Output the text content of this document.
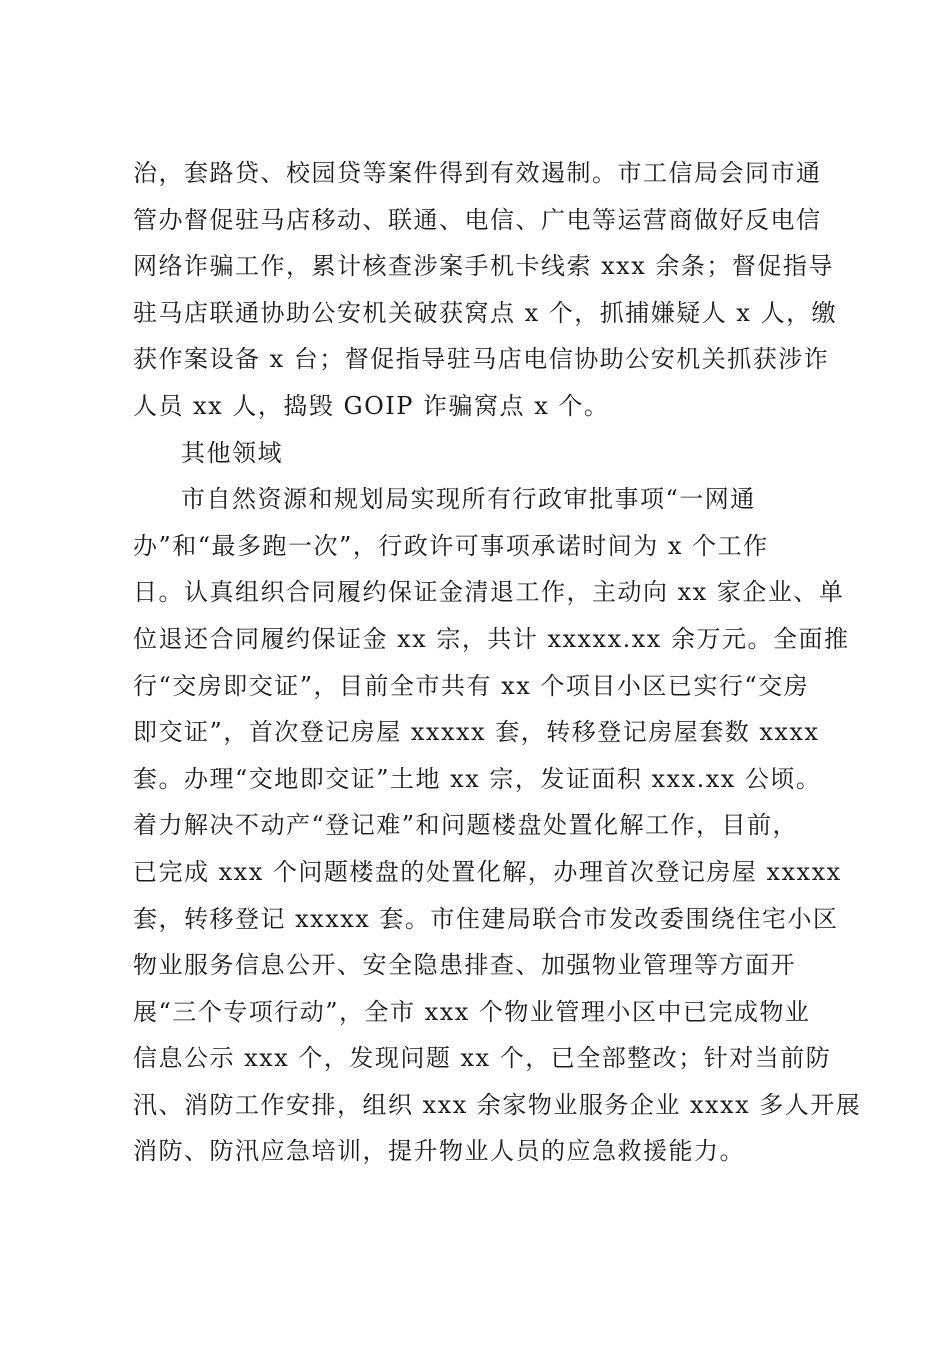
治，套路贷、校园贷等案件得到有效遏制。市工信局会同市通
管办督促驻马店移动、联通、电信、广电等运营商做好反电信
网络诈骗工作，累计核查涉案手机卡线索 xxx 余条；督促指导
驻马店联通协助公安机关破获窝点 x 个，抓捕嫌疑人 x 人，缴
获作案设备 x 台；督促指导驻马店电信协助公安机关抓获涉诈
人员 xx 人，捣毁 GOIP 诈骗窝点 x 个。
其他领域
市自然资源和规划局实现所有行政审批事项“一网通
办”和“最多跑一次”，行政许可事项承诺时间为 x 个工作
日。认真组织合同履约保证金清退工作，主动向 xx 家企业、单
位退还合同履约保证金 xx 宗，共计 xxxxx.xx 余万元。全面推
行“交房即交证”，目前全市共有 xx 个项目小区已实行“交房
即交证”，首次登记房屋 xxxxx 套，转移登记房屋套数 xxxx
套。办理“交地即交证”土地 xx 宗，发证面积 xxx.xx 公顷。
着力解决不动产“登记难”和问题楼盘处置化解工作，目前，
已完成 xxx 个问题楼盘的处置化解，办理首次登记房屋 xxxxx
套，转移登记 xxxxx 套。市住建局联合市发改委围绕住宅小区
物业服务信息公开、安全隐患排查、加强物业管理等方面开
展“三个专项行动”，全市 xxx 个物业管理小区中已完成物业
信息公示 xxx 个，发现问题 xx 个，已全部整改；针对当前防
汛、消防工作安排，组织 xxx 余家物业服务企业 xxxx 多人开展
消防、防汛应急培训，提升物业人员的应急救援能力。
